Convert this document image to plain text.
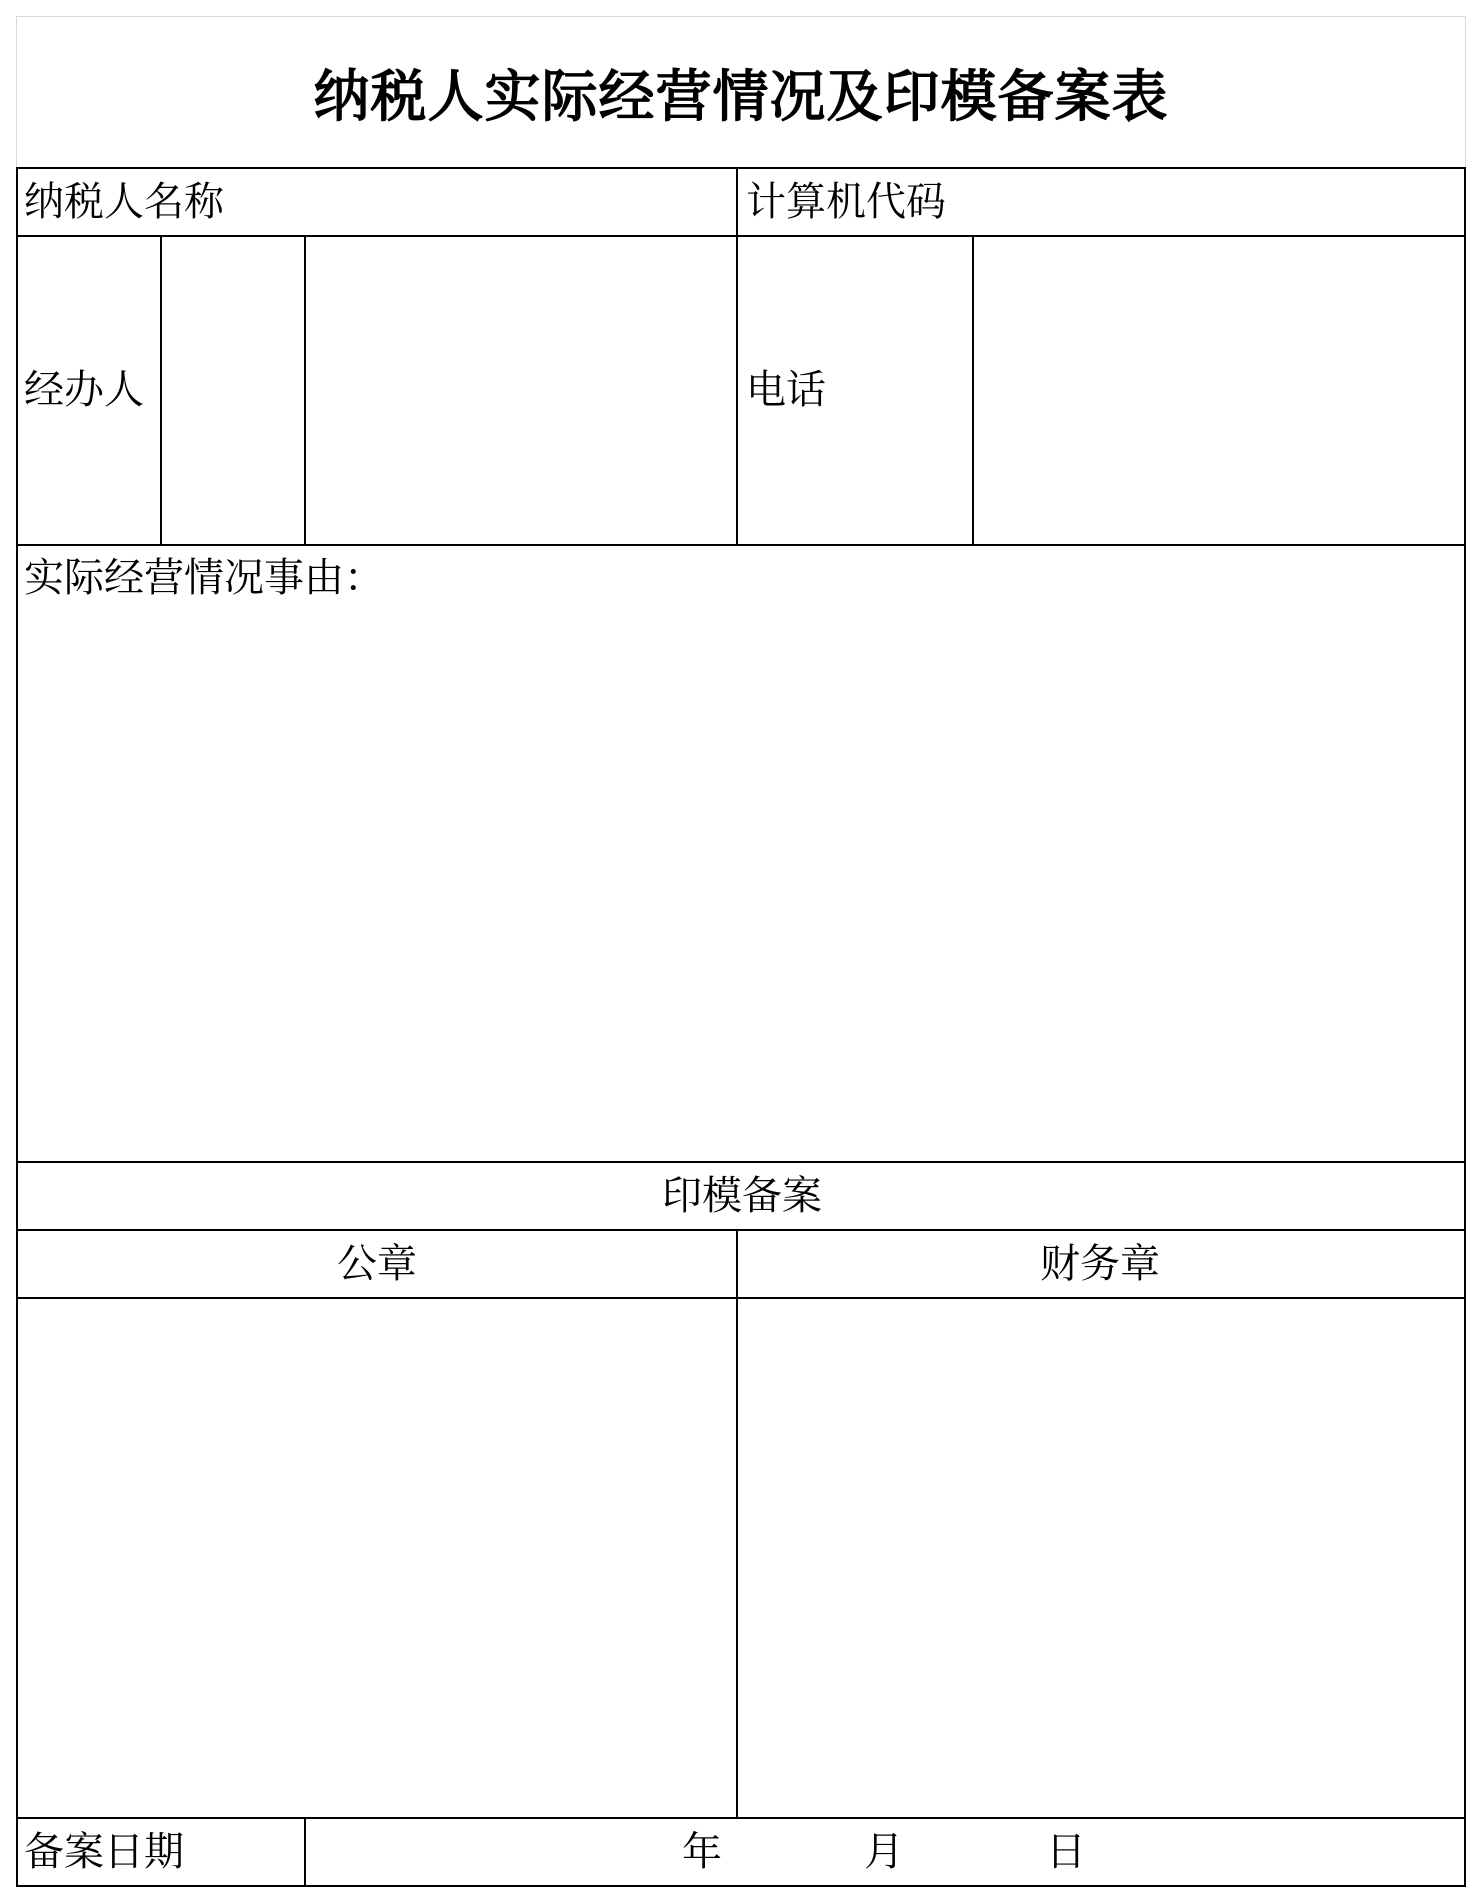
纳税人实际经营情况及印模备案表
纳税人名称	计算机代码
经办人	电话
实际经营情况事由：
印模备案
公章	财务章
备案日期	年	月	日
